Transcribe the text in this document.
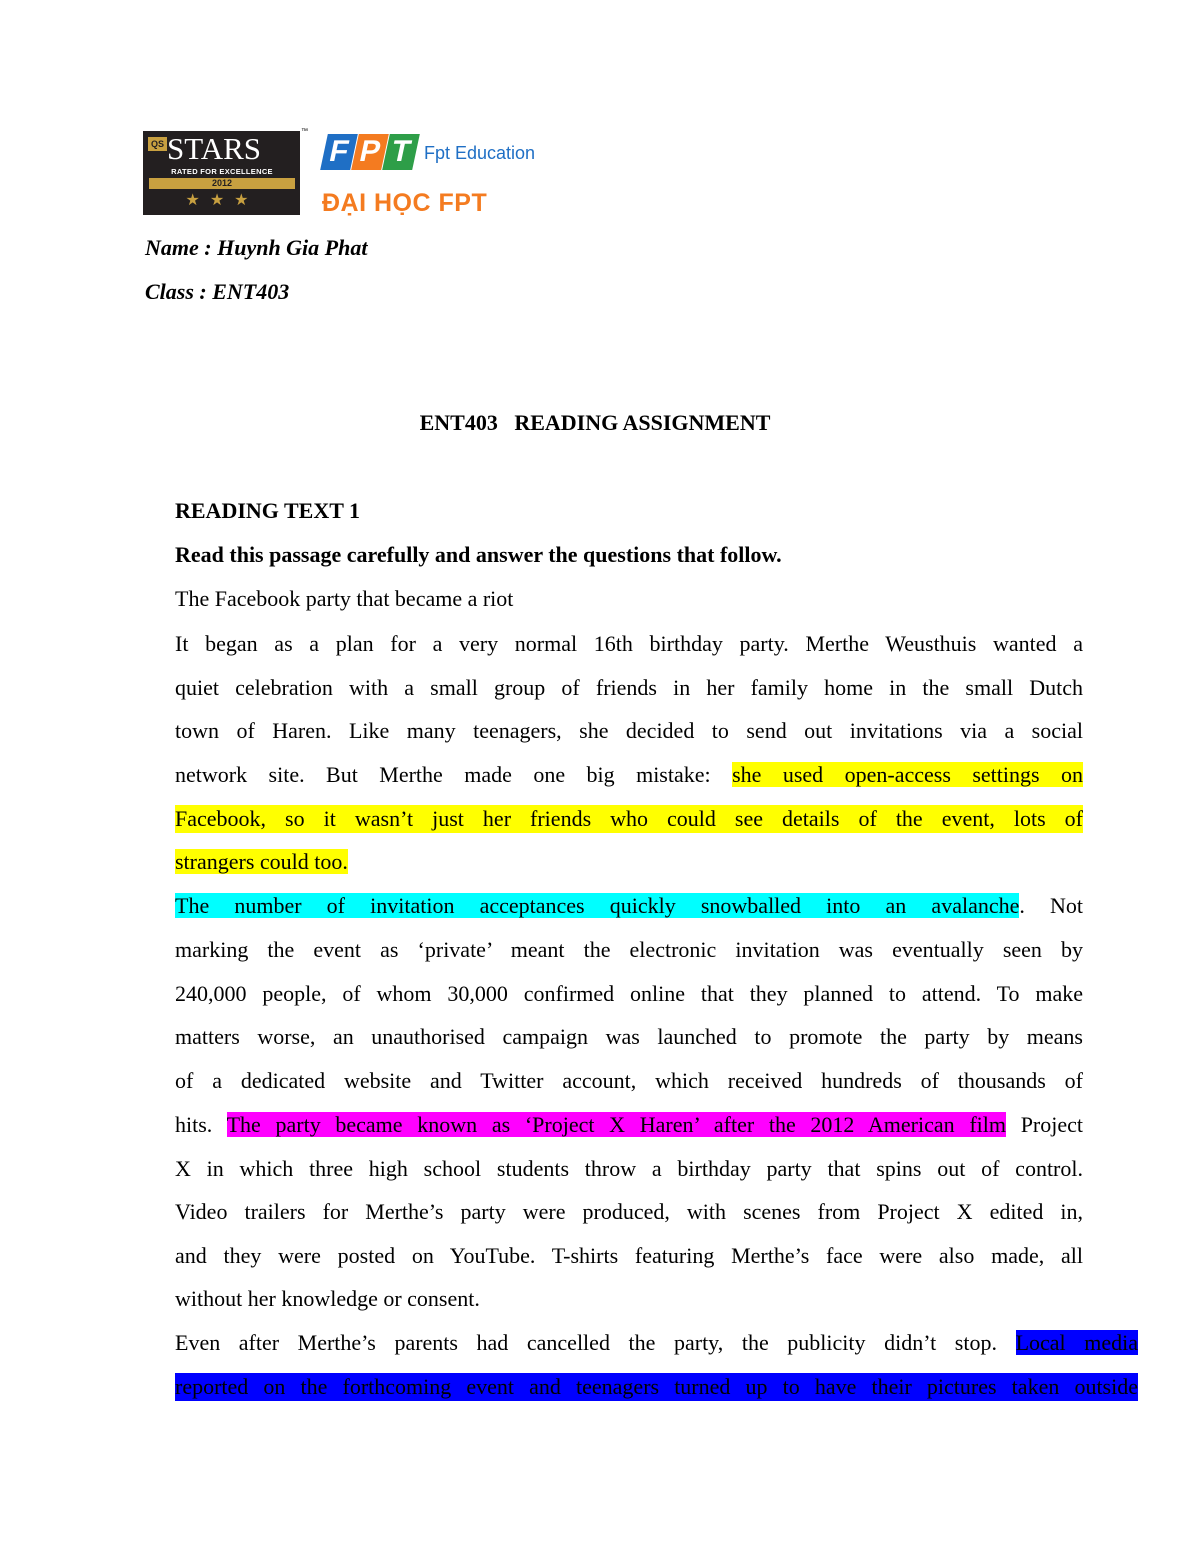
QS STARS
RATED FOR EXCELLENCE
2012
★★★
™
F P T Fpt Education
ĐẠI HỌC FPT
Name : Huynh Gia Phat
Class : ENT403
ENT403   READING ASSIGNMENT
READING TEXT 1
Read this passage carefully and answer the questions that follow.
The Facebook party that became a riot
It began as a plan for a very normal 16th birthday party. Merthe Weusthuis wanted a
quiet celebration with a small group of friends in her family home in the small Dutch
town of Haren. Like many teenagers, she decided to send out invitations via a social
network site. But Merthe made one big mistake: she used open-access settings on
Facebook, so it wasn’t just her friends who could see details of the event, lots of
strangers could too.
The number of invitation acceptances quickly snowballed into an avalanche. Not
marking the event as ‘private’ meant the electronic invitation was eventually seen by
240,000 people, of whom 30,000 confirmed online that they planned to attend. To make
matters worse, an unauthorised campaign was launched to promote the party by means
of a dedicated website and Twitter account, which received hundreds of thousands of
hits. The party became known as ‘Project X Haren’ after the 2012 American film Project
X in which three high school students throw a birthday party that spins out of control.
Video trailers for Merthe’s party were produced, with scenes from Project X edited in,
and they were posted on YouTube. T-shirts featuring Merthe’s face were also made, all
without her knowledge or consent.
Even after Merthe’s parents had cancelled the party, the publicity didn’t stop. Local media
reported on the forthcoming event and teenagers turned up to have their pictures taken outside
